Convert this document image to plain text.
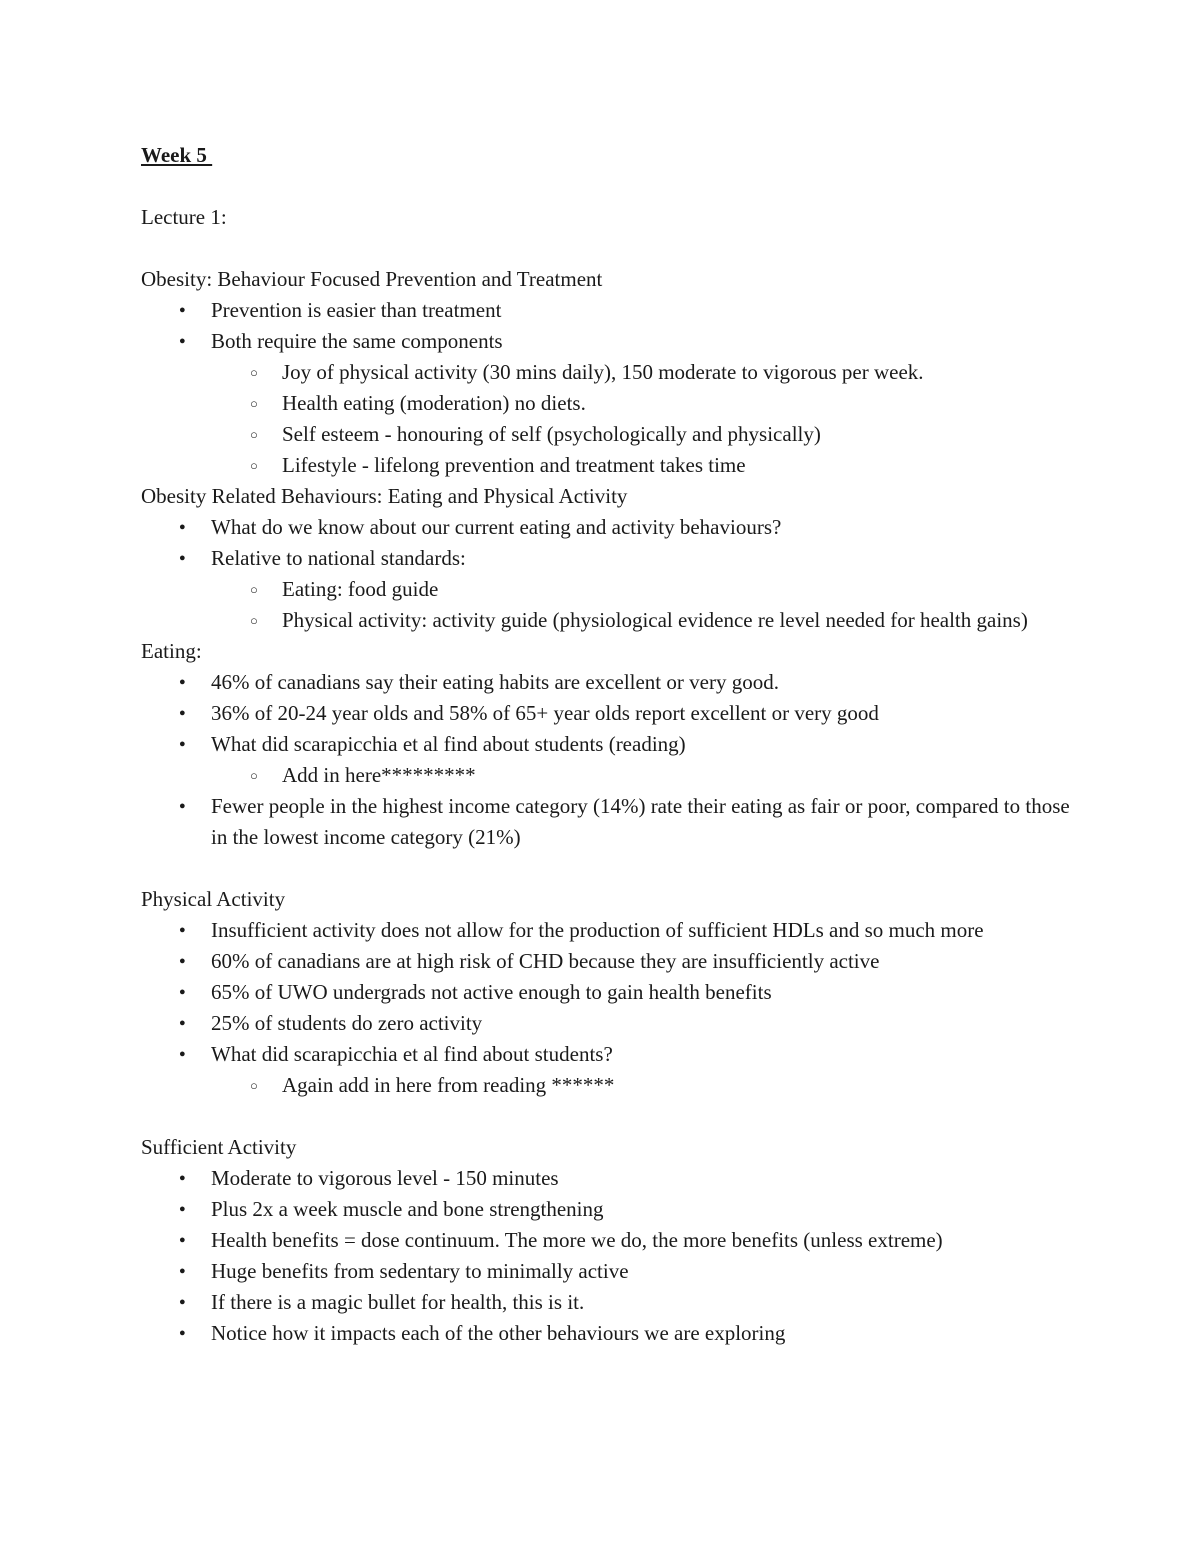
Week 5

Lecture 1:

Obesity: Behaviour Focused Prevention and Treatment

● Prevention is easier than treatment
● Both require the same components
○ Joy of physical activity (30 mins daily), 150 moderate to vigorous per week.
○ Health eating (moderation) no diets.
○ Self esteem - honouring of self (psychologically and physically)
○ Lifestyle - lifelong prevention and treatment takes time

Obesity Related Behaviours: Eating and Physical Activity

● What do we know about our current eating and activity behaviours?
● Relative to national standards:
○ Eating: food guide
○ Physical activity: activity guide (physiological evidence re level needed for health gains)

Eating:

● 46% of canadians say their eating habits are excellent or very good.
● 36% of 20-24 year olds and 58% of 65+ year olds report excellent or very good
● What did scarapicchia et al find about students (reading)
○ Add in here*********
● Fewer people in the highest income category (14%) rate their eating as fair or poor, compared to those in the lowest income category (21%)

Physical Activity

● Insufficient activity does not allow for the production of sufficient HDLs and so much more
● 60% of canadians are at high risk of CHD because they are insufficiently active
● 65% of UWO undergrads not active enough to gain health benefits
● 25% of students do zero activity
● What did scarapicchia et al find about students?
○ Again add in here from reading ******

Sufficient Activity

● Moderate to vigorous level - 150 minutes
● Plus 2x a week muscle and bone strengthening
● Health benefits = dose continuum. The more we do, the more benefits (unless extreme)
● Huge benefits from sedentary to minimally active
● If there is a magic bullet for health, this is it.
● Notice how it impacts each of the other behaviours we are exploring
